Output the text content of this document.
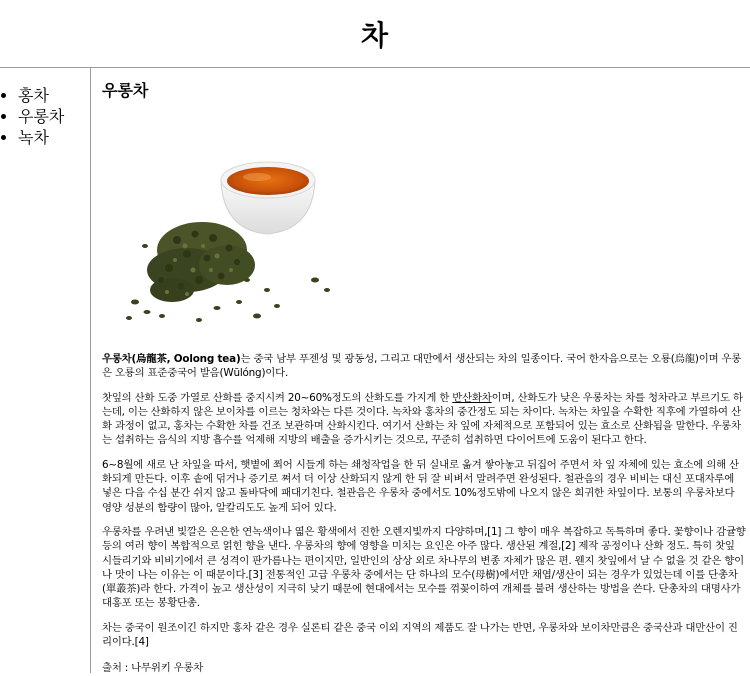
차
• 홍차
• 우롱차
• 녹차
우롱차

우롱차(烏龍茶, Oolong tea)는 중국 남부 푸젠성 및 광동성, 그리고 대만에서 생산되는 차의 일종이다. 국어 한자음으로는 오룡(烏龍)이며 우롱은 오룡의 표준중국어 발음(Wūlóng)이다.

찻잎의 산화 도중 가열로 산화를 중지시켜 20~60%정도의 산화도를 가지게 한 반산화차이며, 산화도가 낮은 우롱차는 차를 청차라고 부르기도 하는데, 이는 산화하지 않은 보이차를 이르는 청차와는 다른 것이다. 녹차와 홍차의 중간정도 되는 차이다. 녹차는 차잎을 수확한 직후에 가열하여 산화 과정이 없고, 홍차는 수확한 차를 건조 보관하며 산화시킨다. 여기서 산화는 차 잎에 자체적으로 포함되어 있는 효소로 산화됨을 말한다. 우롱차는 섭취하는 음식의 지방 흡수를 억제해 지방의 배출을 증가시키는 것으로, 꾸준히 섭취하면 다이어트에 도움이 된다고 한다.

6~8월에 새로 난 차잎을 따서, 햇볕에 쬐어 시들게 하는 쇄청작업을 한 뒤 실내로 옮겨 쌓아놓고 뒤집어 주면서 차 잎 자체에 있는 효소에 의해 산화되게 만든다. 이후 솥에 덖거나 증기로 쪄서 더 이상 산화되지 않게 한 뒤 잘 비벼서 말려주면 완성된다. 철관음의 경우 비비는 대신 포대자루에 넣은 다음 수십 분간 쉬지 않고 돌바닥에 패대기친다. 철관음은 우롱차 중에서도 10%정도밖에 나오지 않은 희귀한 차잎이다. 보통의 우롱차보다 영양 성분의 함량이 많아, 알칼리도도 높게 되어 있다.

우롱차를 우려낸 빛깔은 은은한 연녹색이나 엷은 황색에서 진한 오렌지빛까지 다양하며,[1] 그 향이 매우 복잡하고 독특하며 좋다. 꽃향이나 감귤향 등의 여러 향이 복합적으로 얽힌 향을 낸다. 우롱차의 향에 영향을 미치는 요인은 아주 많다. 생산된 계절,[2] 제작 공정이나 산화 정도. 특히 찻잎 시들리기와 비비기에서 큰 성격이 판가름나는 편이지만, 일반인의 상상 외로 차나무의 변종 자체가 많은 편. 웬지 찻잎에서 날 수 없을 것 같은 향이나 맛이 나는 이유는 이 때문이다.[3] 전통적인 고급 우롱차 중에서는 단 하나의 모수(母樹)에서만 채엽/생산이 되는 경우가 있었는데 이를 단총차(單叢茶)라 한다. 가격이 높고 생산성이 지극히 낮기 때문에 현대에서는 모수를 꺾꽂이하여 개체를 불려 생산하는 방법을 쓴다. 단총차의 대명사가 대홍포 또는 봉황단총.

차는 중국이 원조이긴 하지만 홍차 같은 경우 실론티 같은 중국 이외 지역의 제품도 잘 나가는 반면, 우롱차와 보이차만큼은 중국산과 대만산이 진리이다.[4]

출처 : 나무위키 우롱차
